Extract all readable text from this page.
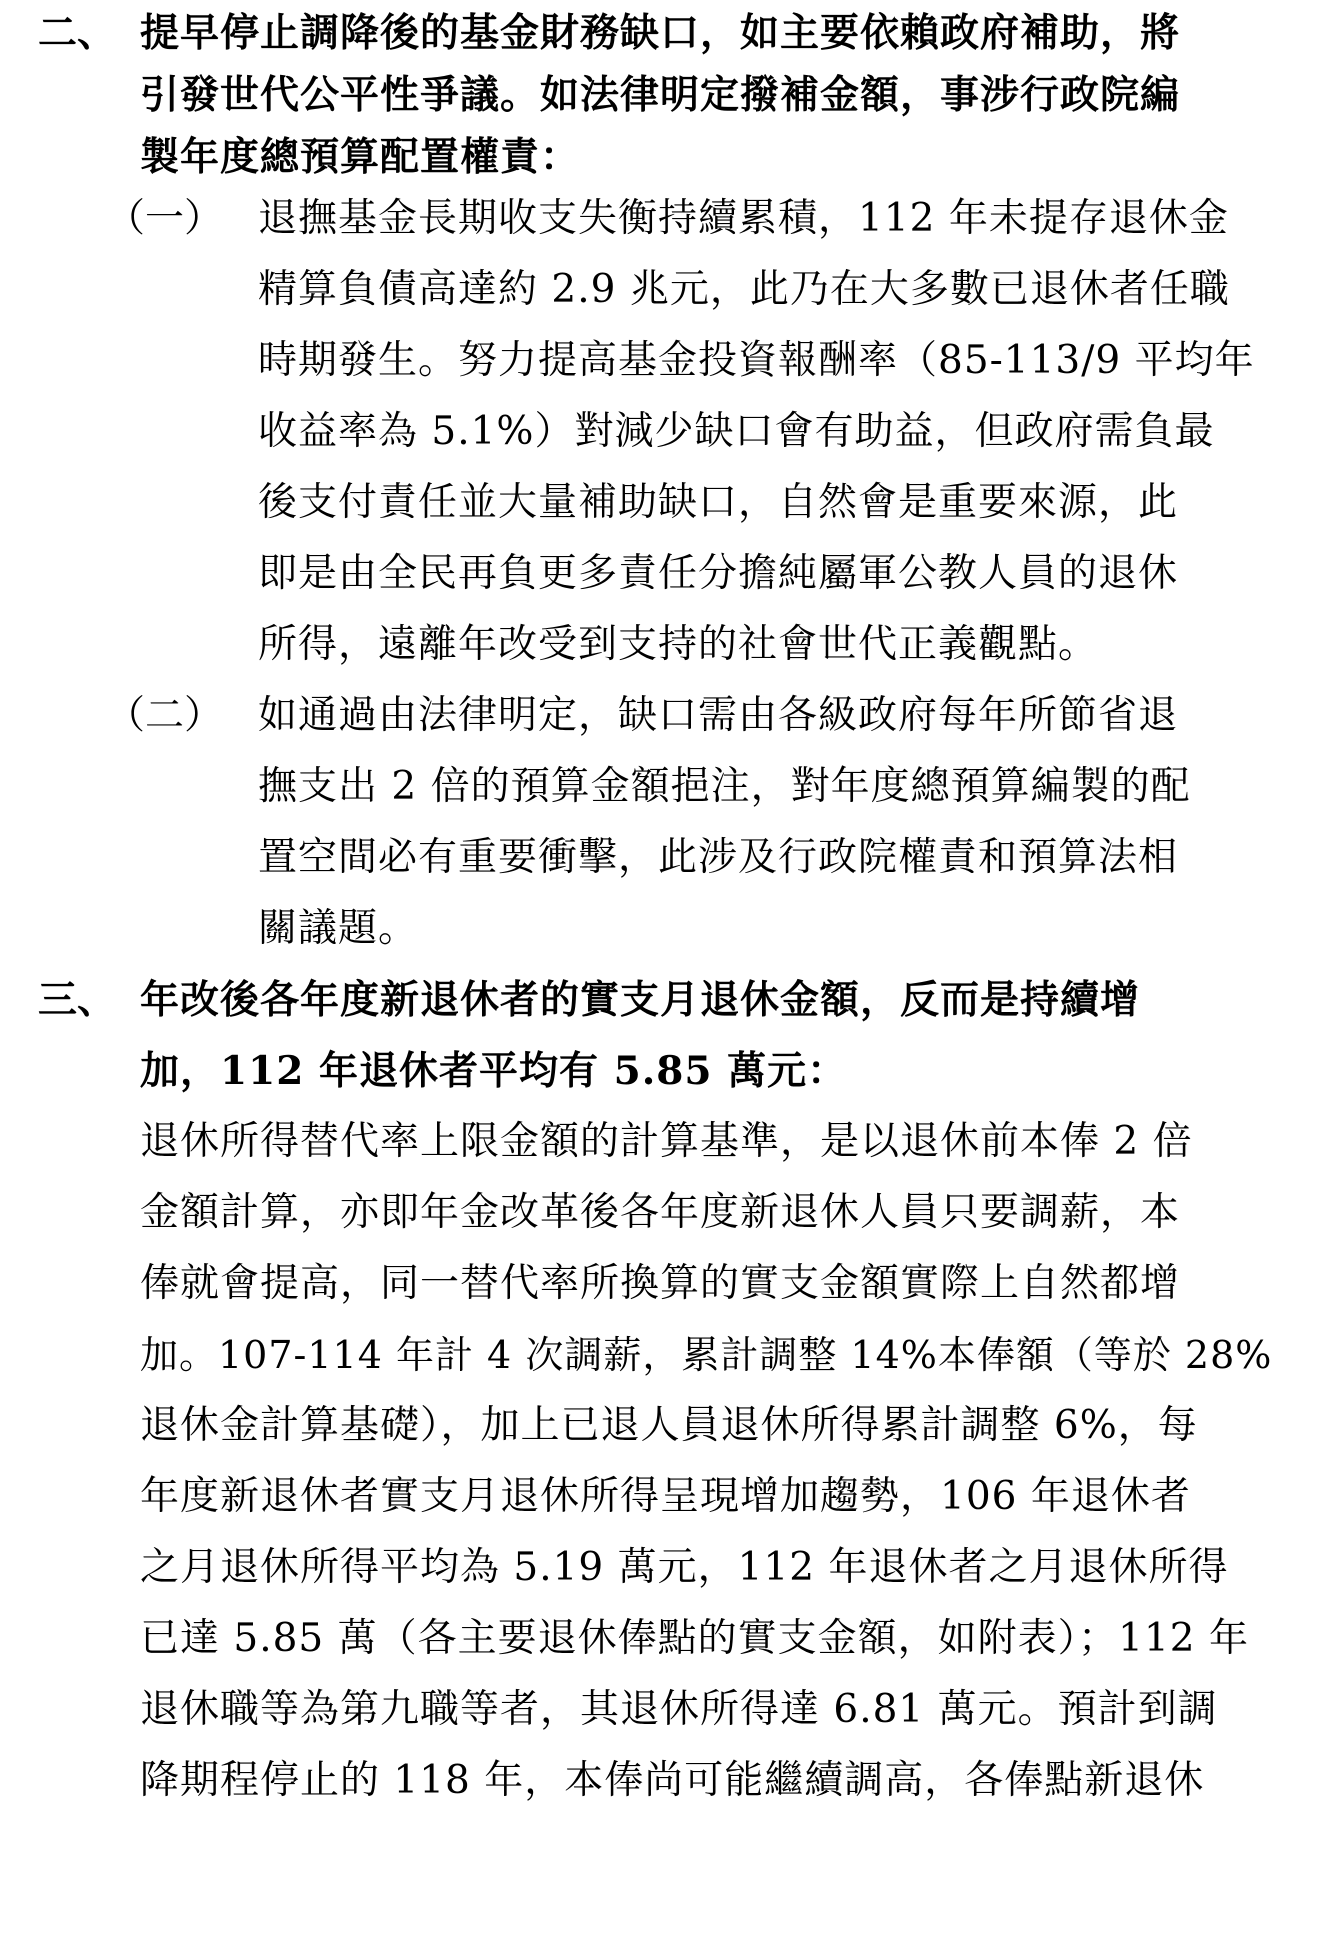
二、 提早停止調降後的基金財務缺口，如主要依賴政府補助，將
引發世代公平性爭議。如法律明定撥補金額，事涉行政院編
製年度總預算配置權責：
（一） 退撫基金長期收支失衡持續累積，112 年未提存退休金
精算負債高達約 2.9 兆元，此乃在大多數已退休者任職
時期發生。努力提高基金投資報酬率（85-113/9 平均年
收益率為 5.1%）對減少缺口會有助益，但政府需負最
後支付責任並大量補助缺口，自然會是重要來源，此
即是由全民再負更多責任分擔純屬軍公教人員的退休
所得，遠離年改受到支持的社會世代正義觀點。
（二） 如通過由法律明定，缺口需由各級政府每年所節省退
撫支出 2 倍的預算金額挹注，對年度總預算編製的配
置空間必有重要衝擊，此涉及行政院權責和預算法相
關議題。
三、 年改後各年度新退休者的實支月退休金額，反而是持續增
加，112 年退休者平均有 5.85 萬元：
退休所得替代率上限金額的計算基準，是以退休前本俸 2 倍
金額計算，亦即年金改革後各年度新退休人員只要調薪，本
俸就會提高，同一替代率所換算的實支金額實際上自然都增
加。107-114 年計 4 次調薪，累計調整 14%本俸額（等於 28%
退休金計算基礎），加上已退人員退休所得累計調整 6%，每
年度新退休者實支月退休所得呈現增加趨勢，106 年退休者
之月退休所得平均為 5.19 萬元，112 年退休者之月退休所得
已達 5.85 萬（各主要退休俸點的實支金額，如附表）；112 年
退休職等為第九職等者，其退休所得達 6.81 萬元。預計到調
降期程停止的 118 年，本俸尚可能繼續調高，各俸點新退休
